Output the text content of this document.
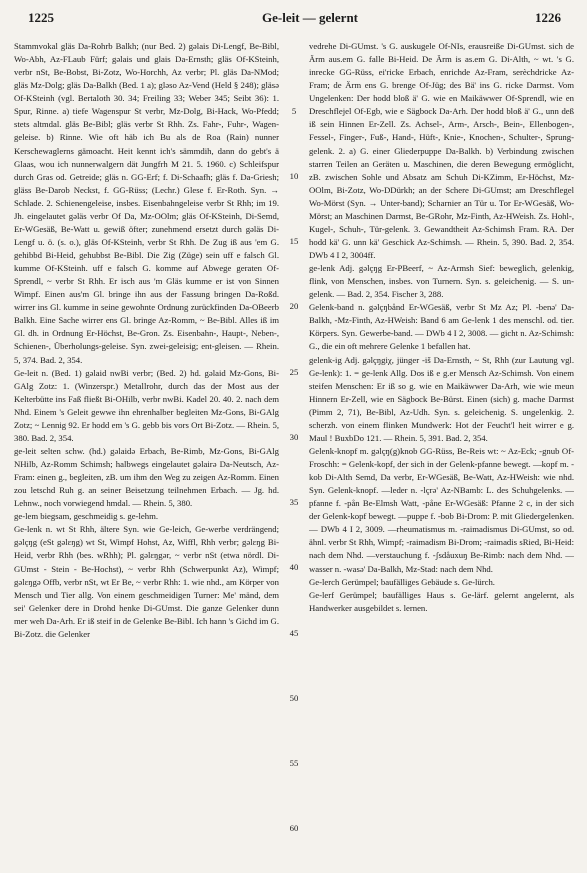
1225	Ge-leit — gelernt	1226

Stammvokal gläs Da-Rohrb Balkh; (nur Bed. 2) gəlais Di-Lengf, Be-Bibl, Wo-Abh, Az-FLaub Fürf; gəlais und glais Da-Ernsth; gläs Of-KSteinh, verbr nSt, Be-Bobst, Bi-Zotz, Wo-Horchh, Az verbr; Pl. gläs Da-NMod; gläs Mz-Dolg; gläs Da-Balkh (Bed. 1 a); gləso Az-Vend (Held § 248); gläsə Of-KSteinh (vgl. Bertaloth 30. 34; Freiling 33; Weber 345; Seibt 36): 1. Spur, Rinne. a) tiefe Wagenspur St verbr, Mz-Dolg, Bi-Hack, Wo-Pfedd; stets altmdal. gläs Be-Bibl; gläs verbr St Rhh. Zs. Fahr-, Fuhr-, Wagen-geleise. b) Rinne. Wie oft häb ich Bu als de Roa (Rain) nunner Kerschewaglerns gämoacht. Heit kennt ich's sämmdih, dann do gebt's ä Glaas, wou ich nunnerwalgern dät Jungfrh M 21. 5. 1960. c) Schleifspur durch Gras od. Getreide; gläs n. GG-Erf; f. Di-Schaafh; gläs f. Da-Griesh; gläss Be-Darob Neckst, f. GG-Rüss; (Lechr.) Glese f. Er-Roth. Syn. → Schlade. 2. Schienengeleise, insbes. Eisenbahngeleise verbr St Rhh; im 19. Jh. eingelautet gəläs verbr Of Da, Mz-OOlm; gläs Of-KSteinh, Di-Semd, Er-WGesäß, Be-Watt u. gewiß öfter; zunehmend ersetzt durch gəläs Di-Lengf u. ö. (s. o.), gläs Of-KSteinh, verbr St Rhh. De Zug iß aus 'em G. gehibbd Bi-Heid, gehubbst Be-Bibl. Die Zig (Züge) sein uff e falsch Gl. kumme Of-KSteinh. uff e falsch G. komme auf Abwege geraten Of-Sprendl, ~ verbr St Rhh. Er isch aus 'm Gläs kumme er ist von Sinnen Wimpf. Einen aus'm Gl. bringe ihn aus der Fassung bringen Da-Roßd. wirrer ins Gl. kumme in seine gewohnte Ordnung zurückfinden Da-OBeerb Balkh. Eine Sache wirrer ens Gl. bringe Az-Romm, ~ Be-Bibl. Alles iß im Gl. dh. in Ordnung Er-Höchst, Be-Gron. Zs. Eisenbahn-, Haupt-, Neben-, Schienen-, Überholungs-geleise. Syn. zwei-geleisig; ent-gleisen. — Rhein. 5, 374. Bad. 2, 354.

Ge-leit n. (Bed. 1) gəlaid nwBi verbr; (Bed. 2) hd. gəlaid Mz-Gons, Bi-GAlg Zotz: 1. (Winzerspr.) Metallrohr, durch das der Most aus der Kelterbütte ins Faß fließt Bi-OHilb, verbr nwBi. Kadel 20. 40. 2. nach dem Nhd. Einem 's Geleit gewwe ihn ehrenhalber begleiten Mz-Gons, Bi-GAlg Zotz; ~ Lennig 92. Er hodd em 's G. gebb bis vors Ort Bi-Zotz. — Rhein. 5, 380. Bad. 2, 354.

ge-leit selten schw. (hd.) gəlaidə Erbach, Be-Rimb, Mz-Gons, Bi-GAlg NHilb, Az-Romm Schimsh; halbwegs eingelautet gəlairə Da-Neutsch, Az-Fram: einen g., begleiten, zB. um ihm den Weg zu zeigen Az-Romm. Einen zou letschd Ruh g. an seiner Beisetzung teilnehmen Erbach. — Jg. hd. Lehnw., noch vorwiegend hmdal. — Rhein. 5, 380.

ge-lem biegsam, geschmeidig s. ge-lehm.

Ge-lenk n. wt St Rhh, ältere Syn. wie Ge-leich, Ge-werbe verdrängend; gəlçŋg (eSt gəlɛŋg) wt St, Wimpf Hohst, Az, Wiffl, Rhh verbr; gəlɛŋg Bi-Heid, verbr Rhh (bes. wRhh); Pl. gəlɛŋgər, ~ verbr nSt (etwa nördl. Di-GUmst - Stein - Be-Hochst), ~ verbr Rhh (Schwerpunkt Az), Wimpf; gəlɛŋgə Offb, verbr nSt, wt Er Be, ~ verbr Rhh: 1. wie nhd., am Körper von Mensch und Tier allg. Von einem geschmeidigen Turner: Me' mänd, dem sei' Gelenker dere in Drohd henke Di-GUmst. Die ganze Gelenker dunn mer weh Da-Arh. Er iß steif in de Gelenke Be-Bibl. Ich hann 's Gichd im G. Bi-Zotz. die Gelenker

5
10
15
20
25
30
35
40
45
50
55
60

vedrehe Di-GUmst. 's G. auskugele Of-NIs, erausreiße Di-GUmst. sich de Ärm aus.em G. falle Bi-Heid. De Ärm is as.em G. Di-Alth, ~ wt. 's G. inrecke GG-Rüss, ei'ricke Erbach, enrichde Az-Fram, serèchdricke Az-Fram; de Ärm ens G. brenge Of-Jüg; des Bä' ins G. ricke Darmst. Vom Ungelenken: Der hodd bloß ä' G. wie en Maikäwwer Of-Sprendl, wie en Dreschflejel Of-Egb, wie e Sägbock Da-Arh. Der hodd bloß ä' G., unn deß iß sein Hinnen Er-Zell. Zs. Achsel-, Arm-, Arsch-, Bein-, Ellenbogen-, Fessel-, Finger-, Fuß-, Hand-, Hüft-, Knie-, Knochen-, Schulter-, Sprung-gelenk. 2. a) G. einer Gliederpuppe Da-Balkh. b) Verbindung zwischen starren Teilen an Geräten u. Maschinen, die deren Bewegung ermöglicht, zB. zwischen Sohle und Absatz am Schuh Di-KZimm, Er-Höchst, Mz-OOlm, Bi-Zotz, Wo-DDürkh; an der Schere Di-GUmst; am Dreschflegel Wo-Mörst (Syn. → Unter-band); Scharnier an Tür u. Tor Er-WGesäß, Wo-Mörst; an Maschinen Darmst, Be-GRohr, Mz-Finth, Az-HWeish. Zs. Hohl-, Kugel-, Schuh-, Tür-gelenk. 3. Gewandtheit Az-Schimsh Fram. RA. Der hodd kä' G. unn kä' Geschick Az-Schimsh. — Rhein. 5, 390. Bad. 2, 354. DWb 4 I 2, 3004ff.

ge-lenk Adj. gəlçŋg Er-PBeerf, ~ Az-Armsh Sief: beweglich, gelenkig, flink, von Menschen, insbes. von Turnern. Syn. s. geleichenig. — S. un-gelenk. — Bad. 2, 354. Fischer 3, 288.

Gelenk-band n. gəlçŋbånd Er-WGesäß, verbr St Mz Az; Pl. -benə' Da-Balkh, -Mz-Finth, Az-HWeish: Band 6 am Ge-lenk 1 des menschl. od. tier. Körpers. Syn. Gewerbe-band. — DWb 4 I 2, 3008. — gicht n. Az-Schimsh: G., die ein oft mehrere Gelenke 1 befallen hat.

gelenk-ig Adj. gəlçŋgiχ, jünger -iš Da-Ernsth, ~ St, Rhh (zur Lautung vgl. Ge-lenk): 1. = ge-lenk Allg. Dos iß e g.er Mensch Az-Schimsh. Von einem steifen Menschen: Er iß so g. wie en Maikäwwer Da-Arh, wie wie meun Hinnern Er-Zell, wie en Sägbock Be-Bürst. Einen (sich) g. mache Darmst (Pimm 2, 71), Be-Bibl, Az-Udh. Syn. s. geleichenig. S. ungelenkig. 2. scherzh. von einem flinken Mundwerk: Hot der Feucht'l heit wirrer e g. Maul ! BuxbDo 121. — Rhein. 5, 391. Bad. 2, 354.

Gelenk-knopf m. gəlçŋ(g)knob GG-Rüss, Be-Reis wt: ~ Az-Eck; -gnub Of-Froschh: = Gelenk-kopf, der sich in der Gelenk-pfanne bewegt. —kopf m. -kob Di-Alth Semd, Da verbr, Er-WGesäß, Be-Watt, Az-HWeish: wie nhd. Syn. Gelenk-knopf. —leder n. -lçrə' Az-NBamb: L. des Schuhgelenks. —pfanne f. -pån Be-Elmsh Watt, -påne Er-WGesäß: Pfanne 2 c, in der sich der Gelenk-kopf bewegt. —puppe f. -bob Bi-Drom: P. mit Gliedergelenken. — DWb 4 I 2, 3009. —rheumatismus m. -raimadismus Di-GUmst, so od. ähnl. verbr St Rhh, Wimpf; -raimadism Bi-Drom; -raimadis sRied, Bi-Heid: nach dem Nhd. —verstauchung f. -ʃsdåuxuŋ Be-Rimb: nach dem Nhd. —wasser n. -wasə' Da-Balkh, Mz-Stad: nach dem Nhd.

Ge-lerch Gerümpel; baufälliges Gebäude s. Ge-lürch.

Ge-lerf Gerümpel; baufälliges Haus s. Ge-lärf. gelernt angelernt, als Handwerker ausgebildet s. lernen.
